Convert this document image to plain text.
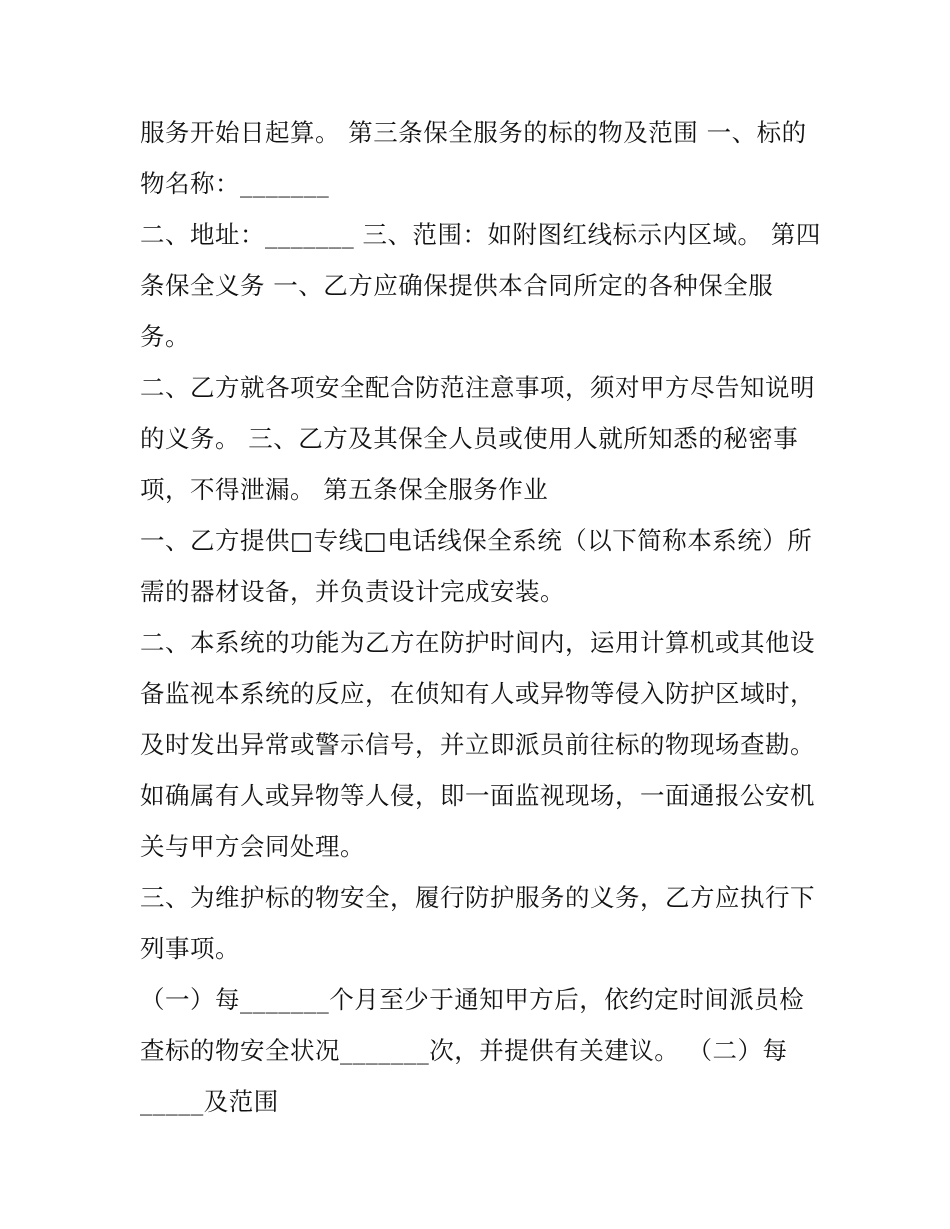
服务开始日起算。 第三条保全服务的标的物及范围 一、标的
物名称：_______
二、地址：_______ 三、范围：如附图红线标示内区域。 第四
条保全义务 一、乙方应确保提供本合同所定的各种保全服
务。
二、乙方就各项安全配合防范注意事项，须对甲方尽告知说明
的义务。 三、乙方及其保全人员或使用人就所知悉的秘密事
项，不得泄漏。 第五条保全服务作业
一、乙方提供□专线□电话线保全系统（以下简称本系统）所
需的器材设备，并负责设计完成安装。
二、本系统的功能为乙方在防护时间内，运用计算机或其他设
备监视本系统的反应，在侦知有人或异物等侵入防护区域时，
及时发出异常或警示信号，并立即派员前往标的物现场查勘。
如确属有人或异物等人侵，即一面监视现场，一面通报公安机
关与甲方会同处理。
三、为维护标的物安全，履行防护服务的义务，乙方应执行下
列事项。
（一）每_______个月至少于通知甲方后，依约定时间派员检
查标的物安全状况_______次，并提供有关建议。 （二）每
_____及范围
